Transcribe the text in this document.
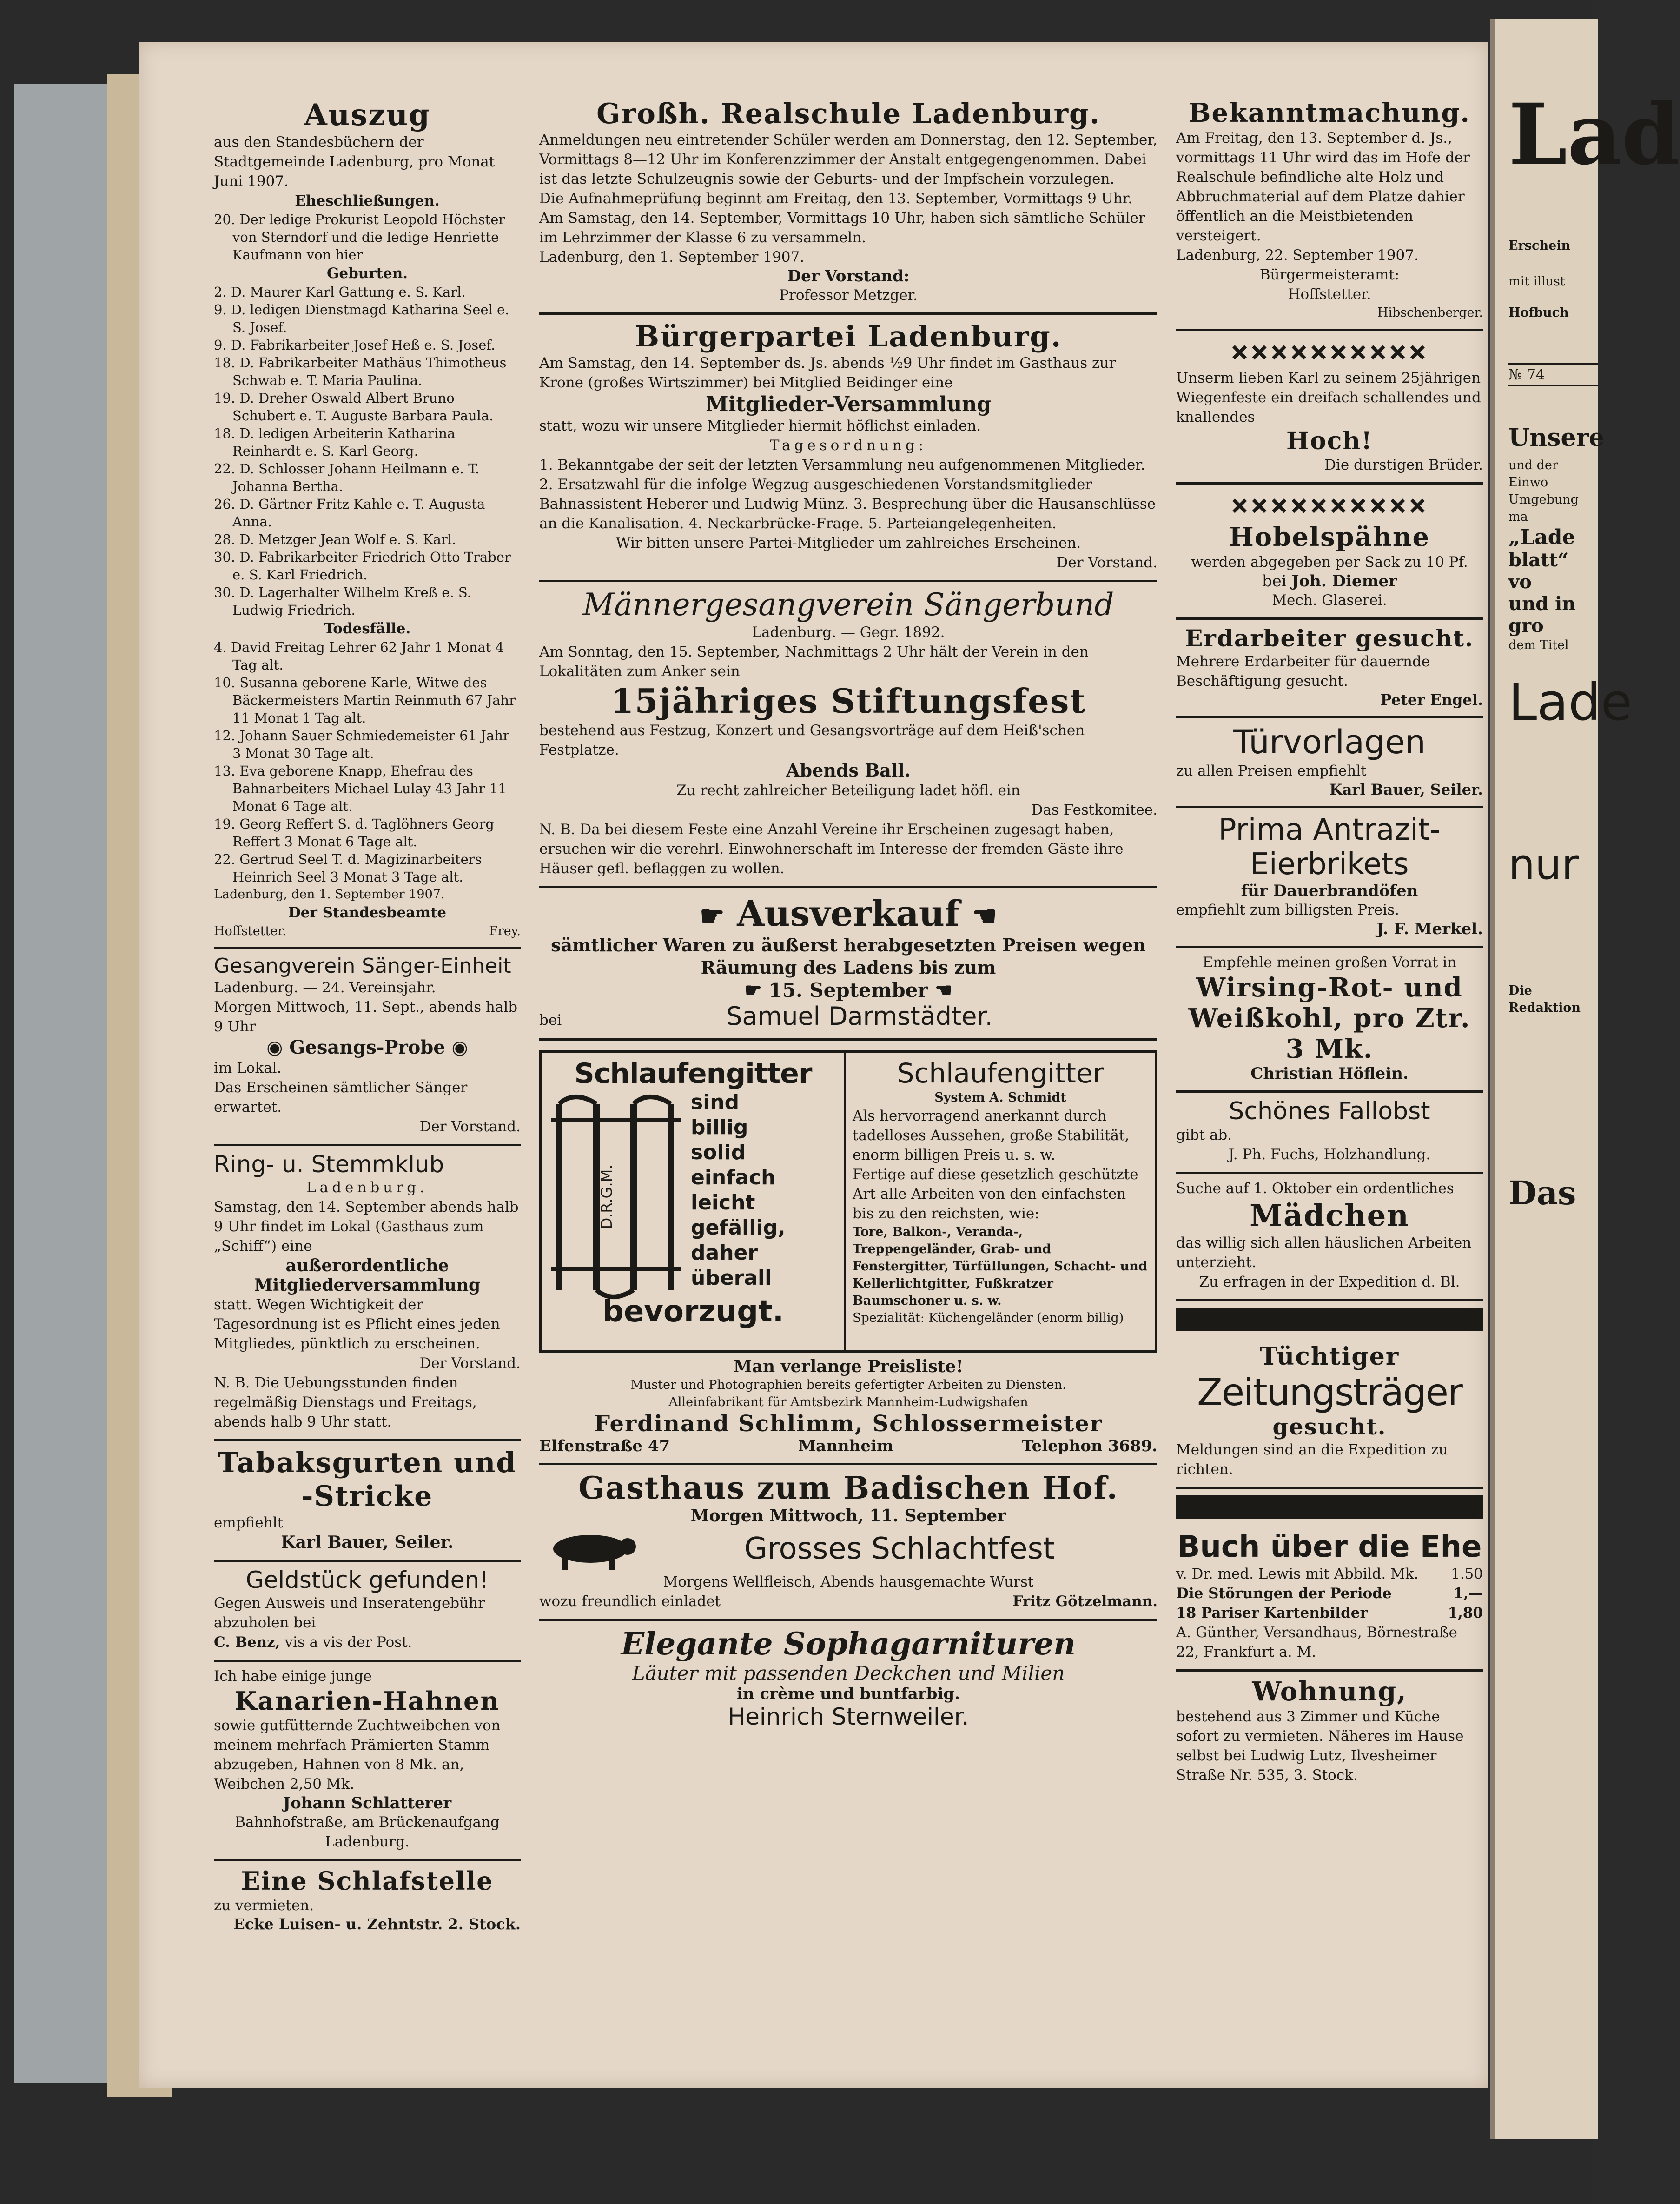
Auszug
aus den Standesbüchern der Stadtgemeinde Ladenburg, pro Monat Juni 1907.
Eheschließungen.
20. Der ledige Prokurist Leopold Höchster von Sterndorf und die ledige Henriette Kaufmann von hier
Geburten.
2. D. Maurer Karl Gattung e. S. Karl.
9. D. ledigen Dienstmagd Katharina Seel e. S. Josef.
9. D. Fabrikarbeiter Josef Heß e. S. Josef.
18. D. Fabrikarbeiter Mathäus Thimotheus Schwab e. T. Maria Paulina.
19. D. Dreher Oswald Albert Bruno Schubert e. T. Auguste Barbara Paula.
18. D. ledigen Arbeiterin Katharina Reinhardt e. S. Karl Georg.
22. D. Schlosser Johann Heilmann e. T. Johanna Bertha.
26. D. Gärtner Fritz Kahle e. T. Augusta Anna.
28. D. Metzger Jean Wolf e. S. Karl.
30. D. Fabrikarbeiter Friedrich Otto Traber e. S. Karl Friedrich.
30. D. Lagerhalter Wilhelm Kreß e. S. Ludwig Friedrich.
Todesfälle.
4. David Freitag Lehrer 62 Jahr 1 Monat 4 Tag alt.
10. Susanna geborene Karle, Witwe des Bäckermeisters Martin Reinmuth 67 Jahr 11 Monat 1 Tag alt.
12. Johann Sauer Schmiedemeister 61 Jahr 3 Monat 30 Tage alt.
13. Eva geborene Knapp, Ehefrau des Bahnarbeiters Michael Lulay 43 Jahr 11 Monat 6 Tage alt.
19. Georg Reffert S. d. Taglöhners Georg Reffert 3 Monat 6 Tage alt.
22. Gertrud Seel T. d. Magizinarbeiters Heinrich Seel 3 Monat 3 Tage alt.
Ladenburg, den 1. September 1907.
Der Standesbeamte
Hoffstetter.	Frey.
Gesangverein Sänger-Einheit
Ladenburg. — 24. Vereinsjahr.
Morgen Mittwoch, 11. Sept., abends halb 9 Uhr
◉ Gesangs-Probe ◉
im Lokal.
Das Erscheinen sämtlicher Sänger erwartet.
Der Vorstand.
Ring- u. Stemmklub
Ladenburg.
Samstag, den 14. September abends halb 9 Uhr findet im Lokal (Gasthaus zum „Schiff“) eine
außerordentliche Mitgliederversammlung
statt. Wegen Wichtigkeit der Tagesordnung ist es Pflicht eines jeden Mitgliedes, pünktlich zu erscheinen.
Der Vorstand.
N. B. Die Uebungsstunden finden regelmäßig Dienstags und Freitags, abends halb 9 Uhr statt.
Tabaksgurten und -Stricke
empfiehlt
Karl Bauer, Seiler.
Geldstück gefunden!
Gegen Ausweis und Inseratengebühr abzuholen bei
C. Benz, vis a vis der Post.
Ich habe einige junge
Kanarien-Hahnen
sowie gutfütternde Zuchtweibchen von meinem mehrfach Prämierten Stamm abzugeben, Hahnen von 8 Mk. an, Weibchen 2,50 Mk.
Johann Schlatterer
Bahnhofstraße, am Brückenaufgang Ladenburg.
Eine Schlafstelle
zu vermieten.
Ecke Luisen- u. Zehntstr. 2. Stock.
Großh. Realschule Ladenburg.
Anmeldungen neu eintretender Schüler werden am Donnerstag, den 12. September, Vormittags 8—12 Uhr im Konferenzzimmer der Anstalt entgegengenommen. Dabei ist das letzte Schulzeugnis sowie der Geburts- und der Impfschein vorzulegen.
Die Aufnahmeprüfung beginnt am Freitag, den 13. September, Vormittags 9 Uhr.
Am Samstag, den 14. September, Vormittags 10 Uhr, haben sich sämtliche Schüler im Lehrzimmer der Klasse 6 zu versammeln.
Ladenburg, den 1. September 1907.
Der Vorstand:
Professor Metzger.
Bürgerpartei Ladenburg.
Am Samstag, den 14. September ds. Js. abends ½9 Uhr findet im Gasthaus zur Krone (großes Wirtszimmer) bei Mitglied Beidinger eine
Mitglieder-Versammlung
statt, wozu wir unsere Mitglieder hiermit höflichst einladen.
Tagesordnung:
1. Bekanntgabe der seit der letzten Versammlung neu aufgenommenen Mitglieder. 2. Ersatzwahl für die infolge Wegzug ausgeschiedenen Vorstandsmitglieder Bahnassistent Heberer und Ludwig Münz. 3. Besprechung über die Hausanschlüsse an die Kanalisation. 4. Neckarbrücke-Frage. 5. Parteiangelegenheiten.
Wir bitten unsere Partei-Mitglieder um zahlreiches Erscheinen.
Der Vorstand.
Männergesangverein Sängerbund
Ladenburg. — Gegr. 1892.
Am Sonntag, den 15. September, Nachmittags 2 Uhr hält der Verein in den Lokalitäten zum Anker sein
15jähriges Stiftungsfest
bestehend aus Festzug, Konzert und Gesangsvorträge auf dem Heiß'schen Festplatze.
Abends Ball.
Zu recht zahlreicher Beteiligung ladet höfl. ein
Das Festkomitee.
N. B. Da bei diesem Feste eine Anzahl Vereine ihr Erscheinen zugesagt haben, ersuchen wir die verehrl. Einwohnerschaft im Interesse der fremden Gäste ihre Häuser gefl. beflaggen zu wollen.
☛ Ausverkauf ☚
sämtlicher Waren zu äußerst herabgesetzten Preisen wegen Räumung des Ladens bis zum
☛ 15. September ☚
bei	Samuel Darmstädter.
Schlaufengitter
D.R.G.M.
sind
billig
solid
einfach
leicht
gefällig,
daher
überall
bevorzugt.
Schlaufengitter
System A. Schmidt
Als hervorragend anerkannt durch tadelloses Aussehen, große Stabilität, enorm billigen Preis u. s. w.
Fertige auf diese gesetzlich geschützte Art alle Arbeiten von den einfachsten bis zu den reichsten, wie:
Tore, Balkon-, Veranda-, Treppengeländer, Grab- und Fenstergitter, Türfüllungen, Schacht- und Kellerlichtgitter, Fußkratzer Baumschoner u. s. w.
Spezialität: Küchengeländer (enorm billig)
Man verlange Preisliste!
Muster und Photographien bereits gefertigter Arbeiten zu Diensten.
Alleinfabrikant für Amtsbezirk Mannheim-Ludwigshafen
Ferdinand Schlimm, Schlossermeister
Elfenstraße 47	Mannheim	Telephon 3689.
Gasthaus zum Badischen Hof.
Morgen Mittwoch, 11. September
Grosses Schlachtfest
Morgens Wellfleisch, Abends hausgemachte Wurst
wozu freundlich einladet	Fritz Götzelmann.
Elegante Sophagarnituren
Läuter mit passenden Deckchen und Milien
in crème und buntfarbig.
Heinrich Sternweiler.
Bekanntmachung.
Am Freitag, den 13. September d. Js., vormittags 11 Uhr wird das im Hofe der Realschule befindliche alte Holz und Abbruchmaterial auf dem Platze dahier öffentlich an die Meistbietenden versteigert.
Ladenburg, 22. September 1907.
Bürgermeisteramt:
Hoffstetter.
Hibschenberger.
××××××××××
Unserm lieben Karl zu seinem 25jährigen Wiegenfeste ein dreifach schallendes und knallendes
Hoch!
Die durstigen Brüder.
××××××××××
Hobelspähne
werden abgegeben per Sack zu 10 Pf.
bei Joh. Diemer
Mech. Glaserei.
Erdarbeiter gesucht.
Mehrere Erdarbeiter für dauernde Beschäftigung gesucht.
Peter Engel.
Türvorlagen
zu allen Preisen empfiehlt
Karl Bauer, Seiler.
Prima Antrazit-Eierbrikets
für Dauerbrandöfen
empfiehlt zum billigsten Preis.
J. F. Merkel.
Empfehle meinen großen Vorrat in
Wirsing-Rot- und Weißkohl, pro Ztr. 3 Mk.
Christian Höflein.
Schönes Fallobst
gibt ab.
J. Ph. Fuchs, Holzhandlung.
Suche auf 1. Oktober ein ordentliches
Mädchen
das willig sich allen häuslichen Arbeiten unterzieht.
Zu erfragen in der Expedition d. Bl.
Tüchtiger
Zeitungsträger
gesucht.
Meldungen sind an die Expedition zu richten.
Buch über die Ehe
v. Dr. med. Lewis mit Abbild. Mk. 1.50
Die Störungen der Periode	1,—
18 Pariser Kartenbilder	1,80
A. Günther, Versandhaus, Börnestraße 22, Frankfurt a. M.
Wohnung,
bestehend aus 3 Zimmer und Küche sofort zu vermieten. Näheres im Hause selbst bei Ludwig Lutz, Ilvesheimer Straße Nr. 535, 3. Stock.
Lad
Erschein
mit illust
Hofbuch
№ 74
Unsere
und der Einwo
Umgebung ma
„Lade
blatt“ vo
und in gro
dem Titel
Lade
Das
nur
Die Redaktion
